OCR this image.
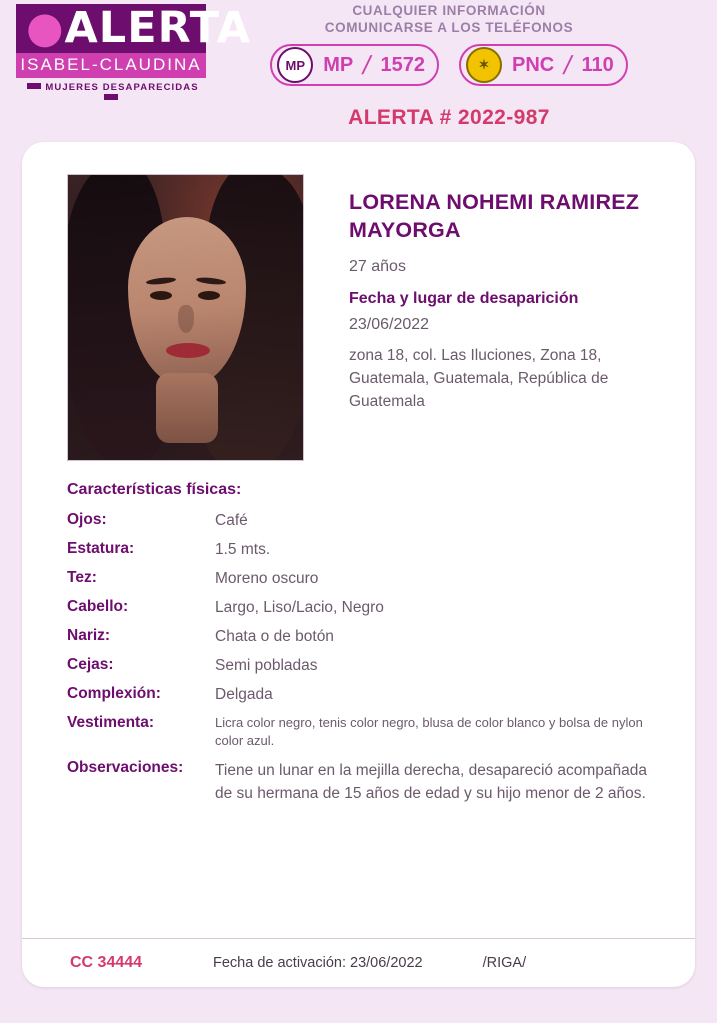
●ALERTA
ISABEL-CLAUDINA
MUJERES DESAPARECIDAS
CUALQUIER INFORMACIÓN
COMUNICARSE A LOS TELÉFONOS
MP MP / 1572	✶	PNC / 110
ALERTA # 2022-987
LORENA NOHEMI RAMIREZ MAYORGA
27 años
Fecha y lugar de desaparición
23/06/2022
zona 18, col. Las Iluciones, Zona 18, Guatemala, Guatemala, República de Guatemala
Características físicas:
Ojos:	Café
Estatura:	1.5 mts.
Tez:	Moreno oscuro
Cabello:	Largo, Liso/Lacio, Negro
Nariz:	Chata o de botón
Cejas:	Semi pobladas
Complexión:	Delgada
Vestimenta:	Licra color negro, tenis color negro, blusa de color blanco y bolsa de nylon color azul.
Observaciones:	Tiene un lunar en la mejilla derecha, desapareció acompañada de su hermana de 15 años de edad y su hijo menor de 2 años.
CC 34444	Fecha de activación: 23/06/2022	/RIGA/
